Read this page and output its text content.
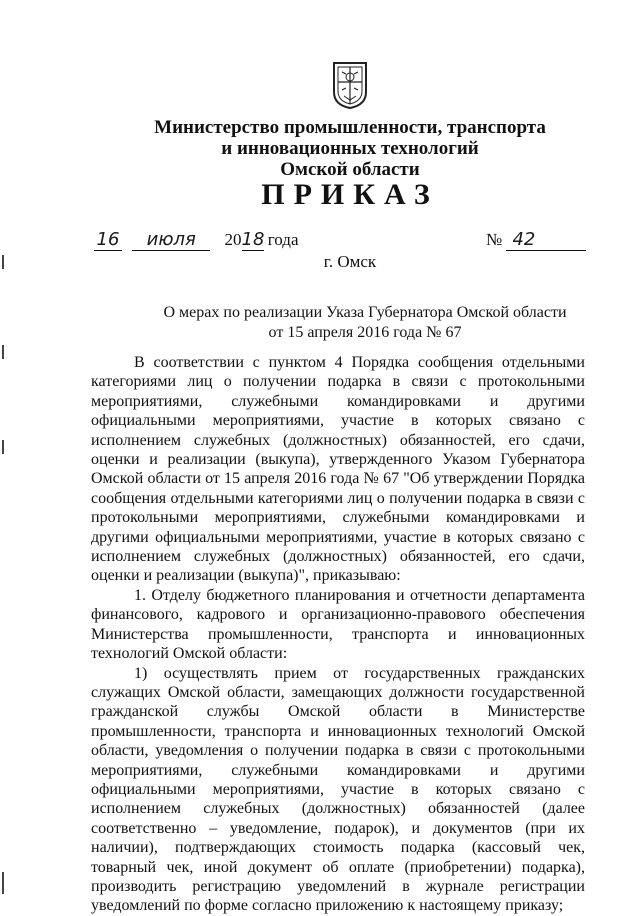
Министерство промышленности, транспорта
и инновационных технологий
Омской области
ПРИКАЗ
16 июля 2018 года	№ 42
г. Омск
О мерах по реализации Указа Губернатора Омской области
от 15 апреля 2016 года № 67

В соответствии с пунктом 4 Порядка сообщения отдельными категориями лиц о получении подарка в связи с протокольными мероприятиями, служебными командировками и другими официальными мероприятиями, участие в которых связано с исполнением служебных (должностных) обязанностей, его сдачи, оценки и реализации (выкупа), утвержденного Указом Губернатора Омской области от 15 апреля 2016 года № 67 "Об утверждении Порядка сообщения отдельными категориями лиц о получении подарка в связи с протокольными мероприятиями, служебными командировками и другими официальными мероприятиями, участие в которых связано с исполнением служебных (должностных) обязанностей, его сдачи, оценки и реализации (выкупа)", приказываю:

1. Отделу бюджетного планирования и отчетности департамента финансового, кадрового и организационно-правового обеспечения Министерства промышленности, транспорта и инновационных технологий Омской области:

1) осуществлять прием от государственных гражданских служащих Омской области, замещающих должности государственной гражданской службы Омской области в Министерстве промышленности, транспорта и инновационных технологий Омской области, уведомления о получении подарка в связи с протокольными мероприятиями, служебными командировками и другими официальными мероприятиями, участие в которых связано с исполнением служебных (должностных) обязанностей (далее соответственно – уведомление, подарок), и документов (при их наличии), подтверждающих стоимость подарка (кассовый чек, товарный чек, иной документ об оплате (приобретении) подарка), производить регистрацию уведомлений в журнале регистрации уведомлений по форме согласно приложению к настоящему приказу;
